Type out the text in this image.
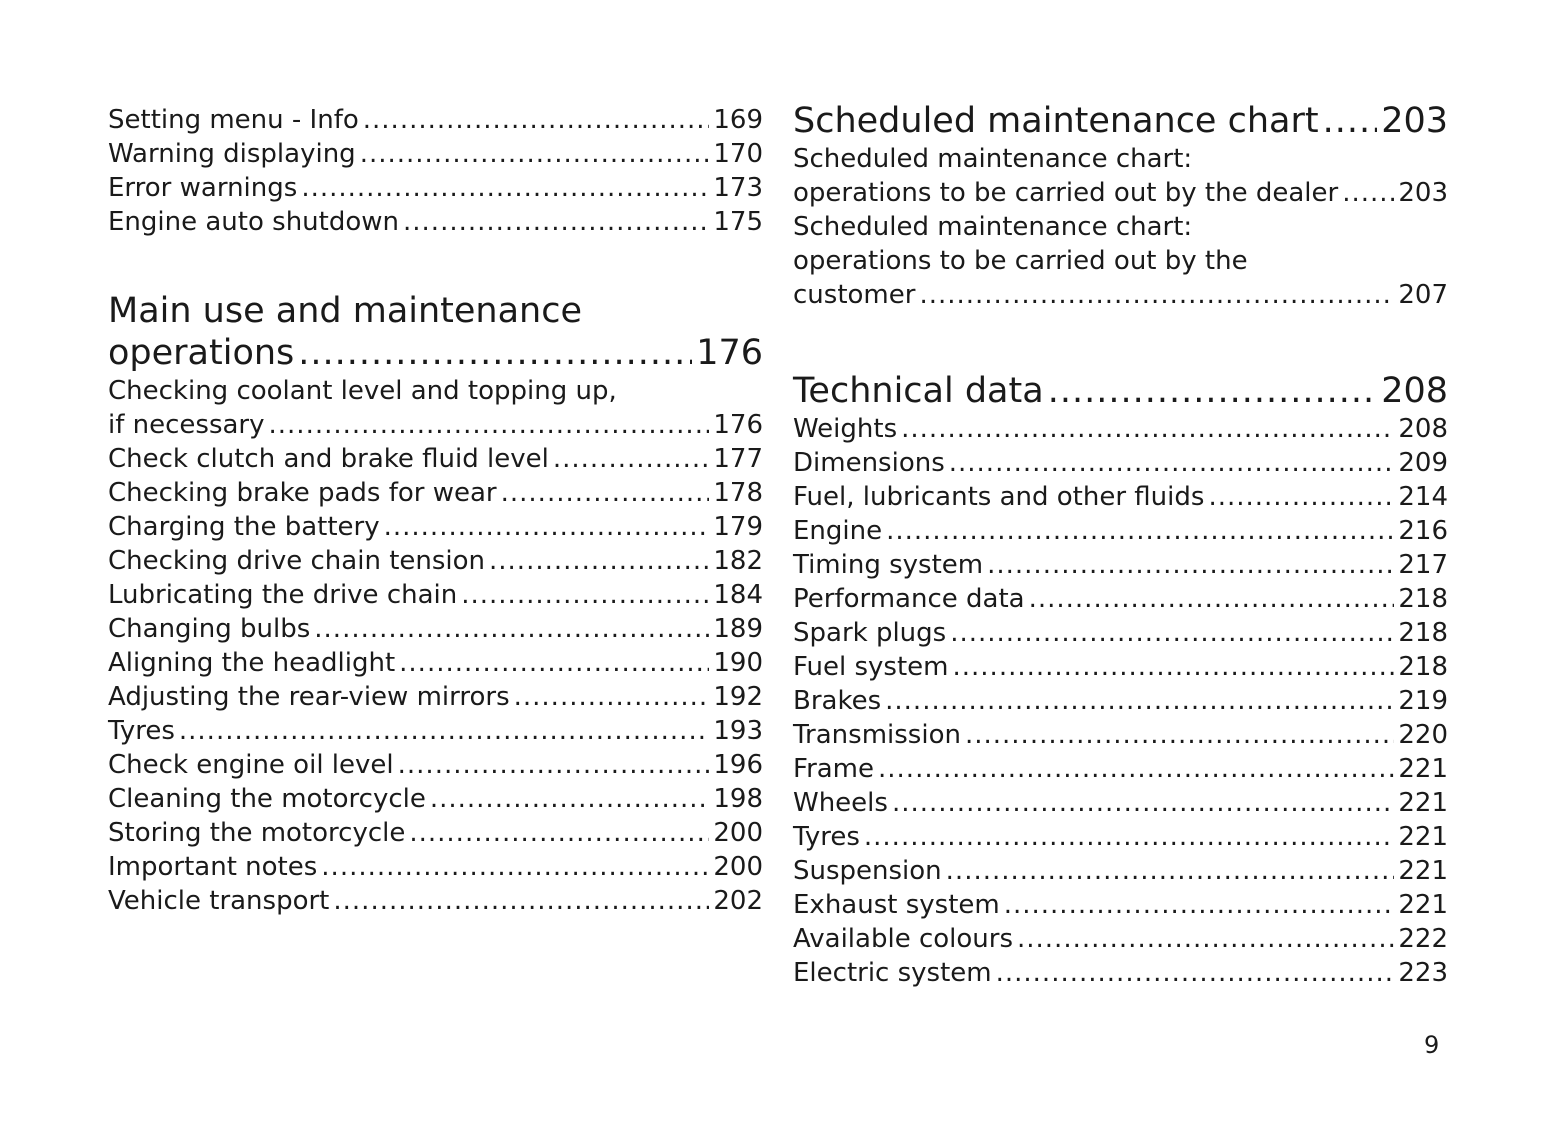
Setting menu - Info .....	169
Warning displaying .....	170
Error warnings .....	173
Engine auto shutdown .....	175
Main use and maintenance
operations .....	176
Checking coolant level and topping up,
if necessary .....	176
Check clutch and brake fluid level .....	177
Checking brake pads for wear .....	178
Charging the battery .....	179
Checking drive chain tension .....	182
Lubricating the drive chain .....	184
Changing bulbs .....	189
Aligning the headlight .....	190
Adjusting the rear-view mirrors .....	192
Tyres .....	193
Check engine oil level .....	196
Cleaning the motorcycle .....	198
Storing the motorcycle .....	200
Important notes .....	200
Vehicle transport .....	202
Scheduled maintenance chart ..... 203
Scheduled maintenance chart:
operations to be carried out by the dealer ..... 203
Scheduled maintenance chart:
operations to be carried out by the
customer .....	207
Technical data .....	208
Weights .....	208
Dimensions .....	209
Fuel, lubricants and other fluids .....	214
Engine .....	216
Timing system .....	217
Performance data .....	218
Spark plugs .....	218
Fuel system .....	218
Brakes .....	219
Transmission .....	220
Frame .....	221
Wheels .....	221
Tyres .....	221
Suspension .....	221
Exhaust system .....	221
Available colours .....	222
Electric system .....	223
9
